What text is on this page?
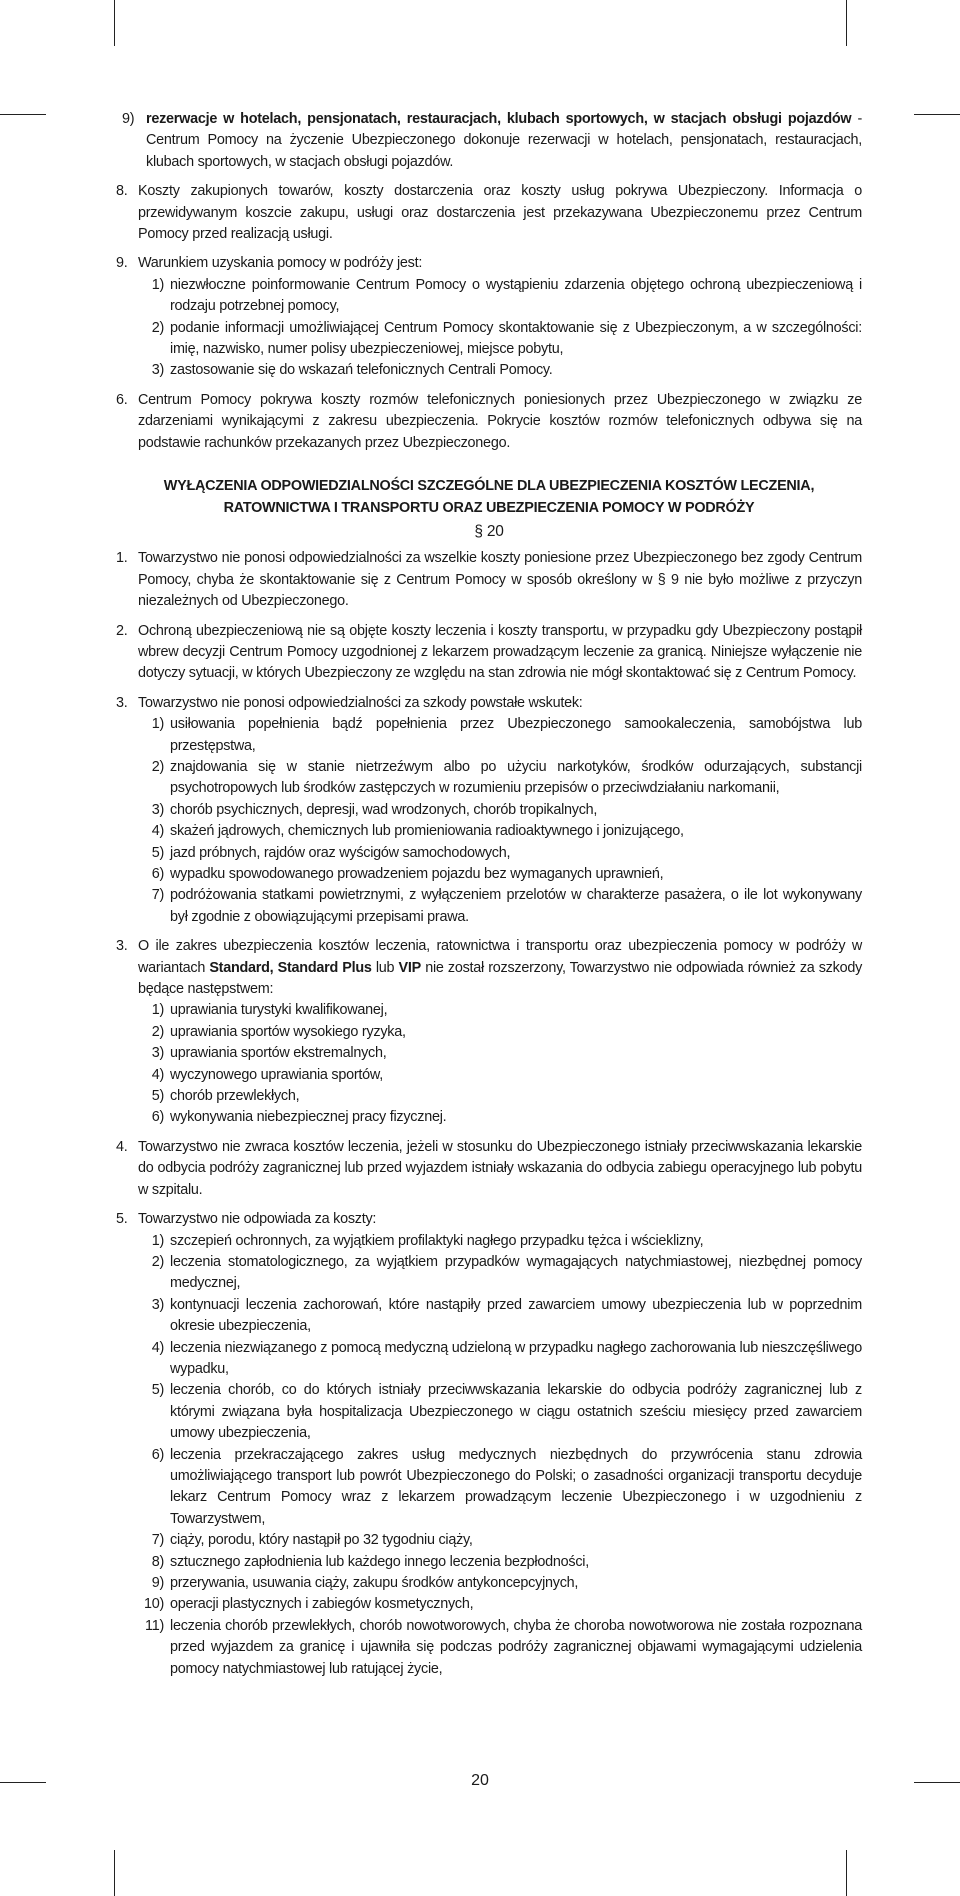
9) rezerwacje w hotelach, pensjonatach, restauracjach, klubach sportowych, w stacjach obsługi pojazdów - Centrum Pomocy na życzenie Ubezpieczonego dokonuje rezerwacji w hotelach, pensjonatach, restauracjach, klubach sportowych, w stacjach obsługi pojazdów.
8. Koszty zakupionych towarów, koszty dostarczenia oraz koszty usług pokrywa Ubezpieczony. Informacja o przewidywanym koszcie zakupu, usługi oraz dostarczenia jest przekazywana Ubezpieczonemu przez Centrum Pomocy przed realizacją usługi.
9. Warunkiem uzyskania pomocy w podróży jest:
1) niezwłoczne poinformowanie Centrum Pomocy o wystąpieniu zdarzenia objętego ochroną ubezpieczeniową i rodzaju potrzebnej pomocy,
2) podanie informacji umożliwiającej Centrum Pomocy skontaktowanie się z Ubezpieczonym, a w szczególności: imię, nazwisko, numer polisy ubezpieczeniowej, miejsce pobytu,
3) zastosowanie się do wskazań telefonicznych Centrali Pomocy.
6. Centrum Pomocy pokrywa koszty rozmów telefonicznych poniesionych przez Ubezpieczonego w związku ze zdarzeniami wynikającymi z zakresu ubezpieczenia. Pokrycie kosztów rozmów telefonicznych odbywa się na podstawie rachunków przekazanych przez Ubezpieczonego.
WYŁĄCZENIA ODPOWIEDZIALNOŚCI SZCZEGÓLNE DLA UBEZPIECZENIA KOSZTÓW LECZENIA, RATOWNICTWA I TRANSPORTU ORAZ UBEZPIECZENIA POMOCY W PODRÓŻY
§ 20
1. Towarzystwo nie ponosi odpowiedzialności za wszelkie koszty poniesione przez Ubezpieczonego bez zgody Centrum Pomocy, chyba że skontaktowanie się z Centrum Pomocy w sposób określony w § 9 nie było możliwe z przyczyn niezależnych od Ubezpieczonego.
2. Ochroną ubezpieczeniową nie są objęte koszty leczenia i koszty transportu, w przypadku gdy Ubezpieczony postąpił wbrew decyzji Centrum Pomocy uzgodnionej z lekarzem prowadzącym leczenie za granicą. Niniejsze wyłączenie nie dotyczy sytuacji, w których Ubezpieczony ze względu na stan zdrowia nie mógł skontaktować się z Centrum Pomocy.
3. Towarzystwo nie ponosi odpowiedzialności za szkody powstałe wskutek:
1) usiłowania popełnienia bądź popełnienia przez Ubezpieczonego samookaleczenia, samobójstwa lub przestępstwa,
2) znajdowania się w stanie nietrzeźwym albo po użyciu narkotyków, środków odurzających, substancji psychotropowych lub środków zastępczych w rozumieniu przepisów o przeciwdziałaniu narkomanii,
3) chorób psychicznych, depresji, wad wrodzonych, chorób tropikalnych,
4) skażeń jądrowych, chemicznych lub promieniowania radioaktywnego i jonizującego,
5) jazd próbnych, rajdów oraz wyścigów samochodowych,
6) wypadku spowodowanego prowadzeniem pojazdu bez wymaganych uprawnień,
7) podróżowania statkami powietrznymi, z wyłączeniem przelotów w charakterze pasażera, o ile lot wykonywany był zgodnie z obowiązującymi przepisami prawa.
3. O ile zakres ubezpieczenia kosztów leczenia, ratownictwa i transportu oraz ubezpieczenia pomocy w podróży w wariantach Standard, Standard Plus lub VIP nie został rozszerzony, Towarzystwo nie odpowiada również za szkody będące następstwem:
1) uprawiania turystyki kwalifikowanej,
2) uprawiania sportów wysokiego ryzyka,
3) uprawiania sportów ekstremalnych,
4) wyczynowego uprawiania sportów,
5) chorób przewlekłych,
6) wykonywania niebezpiecznej pracy fizycznej.
4. Towarzystwo nie zwraca kosztów leczenia, jeżeli w stosunku do Ubezpieczonego istniały przeciwwskazania lekarskie do odbycia podróży zagranicznej lub przed wyjazdem istniały wskazania do odbycia zabiegu operacyjnego lub pobytu w szpitalu.
5. Towarzystwo nie odpowiada za koszty:
1) szczepień ochronnych, za wyjątkiem profilaktyki nagłego przypadku tężca i wścieklizny,
2) leczenia stomatologicznego, za wyjątkiem przypadków wymagających natychmiastowej, niezbędnej pomocy medycznej,
3) kontynuacji leczenia zachorowań, które nastąpiły przed zawarciem umowy ubezpieczenia lub w poprzednim okresie ubezpieczenia,
4) leczenia niezwiązanego z pomocą medyczną udzieloną w przypadku nagłego zachorowania lub nieszczęśliwego wypadku,
5) leczenia chorób, co do których istniały przeciwwskazania lekarskie do odbycia podróży zagranicznej lub z którymi związana była hospitalizacja Ubezpieczonego w ciągu ostatnich sześciu miesięcy przed zawarciem umowy ubezpieczenia,
6) leczenia przekraczającego zakres usług medycznych niezbędnych do przywrócenia stanu zdrowia umożliwiającego transport lub powrót Ubezpieczonego do Polski; o zasadności organizacji transportu decyduje lekarz Centrum Pomocy wraz z lekarzem prowadzącym leczenie Ubezpieczonego i w uzgodnieniu z Towarzystwem,
7) ciąży, porodu, który nastąpił po 32 tygodniu ciąży,
8) sztucznego zapłodnienia lub każdego innego leczenia bezpłodności,
9) przerywania, usuwania ciąży, zakupu środków antykoncepcyjnych,
10) operacji plastycznych i zabiegów kosmetycznych,
11) leczenia chorób przewlekłych, chorób nowotworowych, chyba że choroba nowotworowa nie została rozpoznana przed wyjazdem za granicę i ujawniła się podczas podróży zagranicznej objawami wymagającymi udzielenia pomocy natychmiastowej lub ratującej życie,
20
